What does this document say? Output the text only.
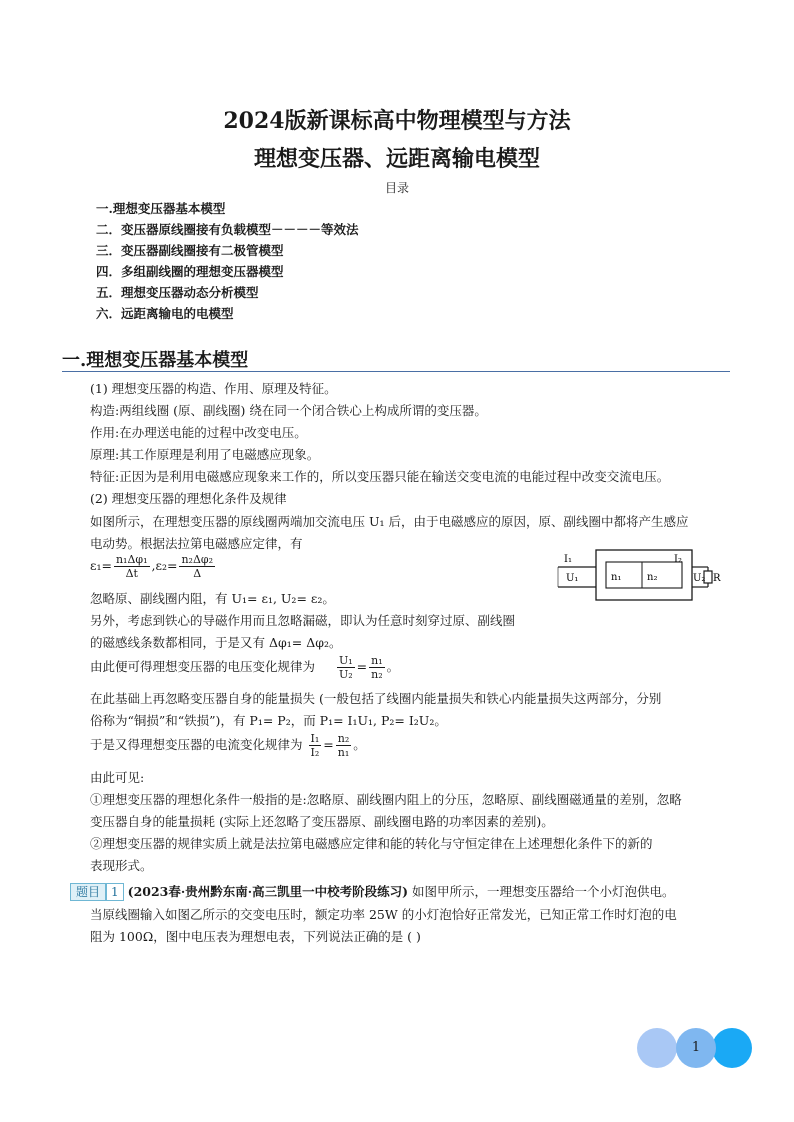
2024版新课标高中物理模型与方法
理想变压器、远距离输电模型
目录
一.理想变压器基本模型
二．变压器原线圈接有负载模型－－－－等效法
三．变压器副线圈接有二极管模型
四．多组副线圈的理想变压器模型
五．理想变压器动态分析模型
六．远距离输电的电模型
一.理想变压器基本模型
(1) 理想变压器的构造、作用、原理及特征。
构造:两组线圈 (原、副线圈) 绕在同一个闭合铁心上构成所谓的变压器。
作用:在办理送电能的过程中改变电压。
原理:其工作原理是利用了电磁感应现象。
特征:正因为是利用电磁感应现象来工作的，所以变压器只能在输送交变电流的电能过程中改变交流电压。
(2) 理想变压器的理想化条件及规律
如图所示，在理想变压器的原线圈两端加交流电压 U₁ 后，由于电磁感应的原因，原、副线圈中都将产生感应
电动势。根据法拉第电磁感应定律，有
$\varepsilon_1= \frac{\text{n₁Δφ₁}}{\Delta t} ,\varepsilon_2= \frac{\text{n₂Δφ₂}}{\Delta}$
忽略原、副线圈内阻，有 U₁= ε₁, U₂= ε₂。
另外，考虑到铁心的导磁作用而且忽略漏磁，即认为任意时刻穿过原、副线圈
的磁感线条数都相同，于是又有 Δφ₁= Δφ₂。
由此便可得理想变压器的电压变化规律为 $\frac{\text{U₁}}{\text{U₂}} = \frac{\text{n₁}}{\text{n₂}}$ 。
在此基础上再忽略变压器自身的能量损失 (一般包括了线圈内能量损失和铁心内能量损失这两部分，分别
俗称为“铜损”和“铁损”)，有 P₁= P₂，而 P₁= I₁U₁, P₂= I₂U₂。
于是又得理想变压器的电流变化规律为 $\frac{\text{I₁}}{\text{I₂}} = \frac{\text{n₂}}{\text{n₁}}$ 。
由此可见:
①理想变压器的理想化条件一般指的是:忽略原、副线圈内阻上的分压，忽略原、副线圈磁通量的差别，忽略
变压器自身的能量损耗 (实际上还忽略了变压器原、副线圈电路的功率因素的差别)。
②理想变压器的规律实质上就是法拉第电磁感应定律和能的转化与守恒定律在上述理想化条件下的新的
表现形式。
I₁
U₁	n₁	n₂
I₂
U₂ R
题目 1 (2023春·贵州黔东南·高三凯里一中校考阶段练习) 如图甲所示，一理想变压器给一个小灯泡供电。
当原线圈输入如图乙所示的交变电压时，额定功率 25W 的小灯泡恰好正常发光，已知正常工作时灯泡的电
阻为 100Ω，图中电压表为理想电表，下列说法正确的是 ( )
1
